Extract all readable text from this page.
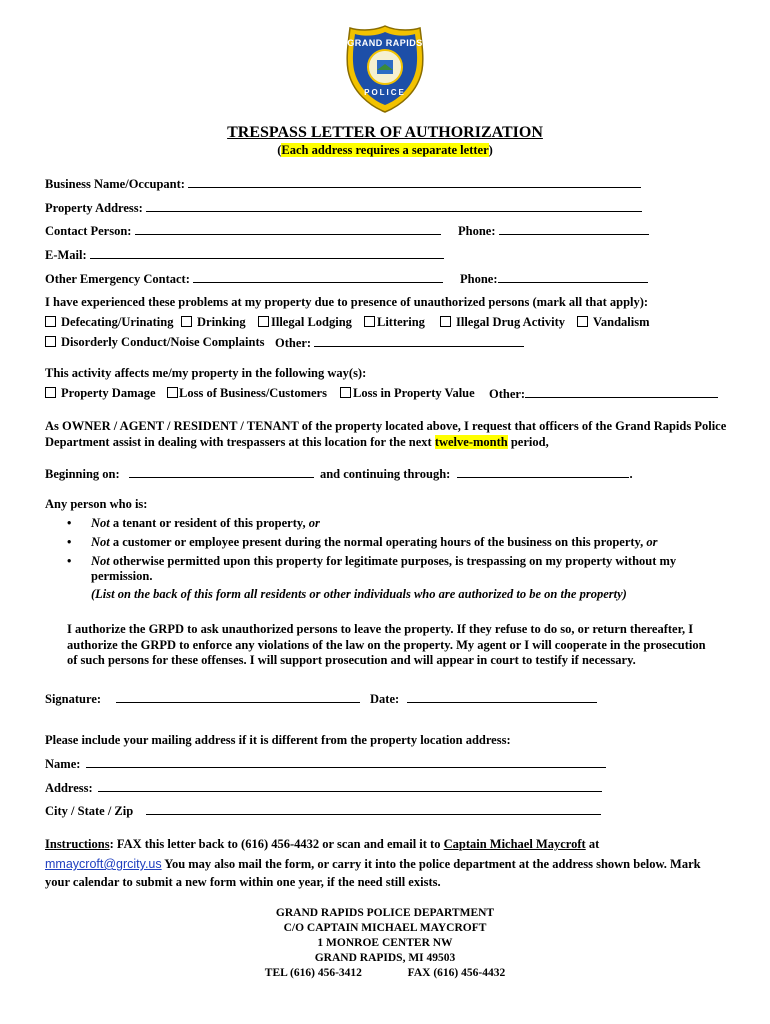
GRAND RAPIDS
POLICE
TRESPASS LETTER OF AUTHORIZATION
(Each address requires a separate letter)
Business Name/Occupant:
Property Address:
Contact Person:	Phone:
E-Mail:
Other Emergency Contact:	Phone:
I have experienced these problems at my property due to presence of unauthorized persons (mark all that apply):
Defecating/Urinating	Drinking	Illegal Lodging	Littering	Illegal Drug Activity	Vandalism
Disorderly Conduct/Noise Complaints Other:
This activity affects me/my property in the following way(s):
Property Damage	Loss of Business/Customers	Loss in Property Value Other:
As OWNER / AGENT / RESIDENT / TENANT of the property located above, I request that officers of the Grand Rapids Police
Department assist in dealing with trespassers at this location for the next twelve-month period,
Beginning on:	and continuing through:	.
Any person who is:
• Not a tenant or resident of this property, or
• Not a customer or employee present during the normal operating hours of the business on this property, or
• Not otherwise permitted upon this property for legitimate purposes, is trespassing on my property without my
permission.
(List on the back of this form all residents or other individuals who are authorized to be on the property)
I authorize the GRPD to ask unauthorized persons to leave the property. If they refuse to do so, or return thereafter, I
authorize the GRPD to enforce any violations of the law on the property. My agent or I will cooperate in the prosecution
of such persons for these offenses. I will support prosecution and will appear in court to testify if necessary.
Signature:	Date:
Please include your mailing address if it is different from the property location address:
Name:
Address:
City / State / Zip
Instructions: FAX this letter back to (616) 456-4432 or scan and email it to Captain Michael Maycroft at
mmaycroft@grcity.us You may also mail the form, or carry it into the police department at the address shown below. Mark
your calendar to submit a new form within one year, if the need still exists.
GRAND RAPIDS POLICE DEPARTMENT
C/O CAPTAIN MICHAEL MAYCROFT
1 MONROE CENTER NW
GRAND RAPIDS, MI 49503
TEL (616) 456-3412	FAX (616) 456-4432
